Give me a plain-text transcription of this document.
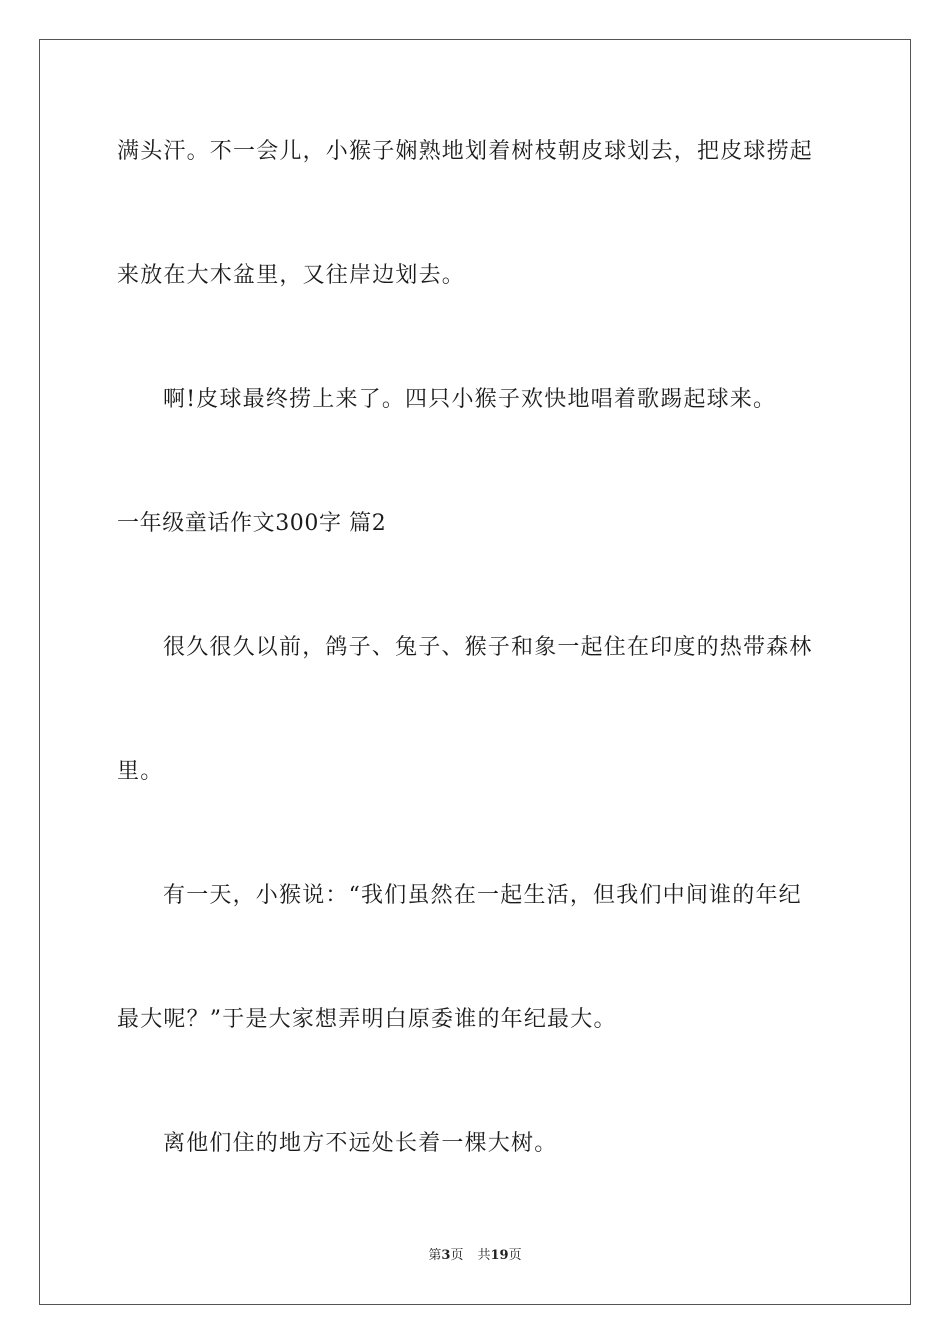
满头汗。不一会儿，小猴子娴熟地划着树枝朝皮球划去，把皮球捞起
来放在大木盆里，又往岸边划去。
啊!皮球最终捞上来了。四只小猴子欢快地唱着歌踢起球来。
一年级童话作文300字 篇2
很久很久以前，鸽子、兔子、猴子和象一起住在印度的热带森林
里。
有一天，小猴说：“我们虽然在一起生活，但我们中间谁的年纪
最大呢？”于是大家想弄明白原委谁的年纪最大。
离他们住的地方不远处长着一棵大树。
第3页 共19页
